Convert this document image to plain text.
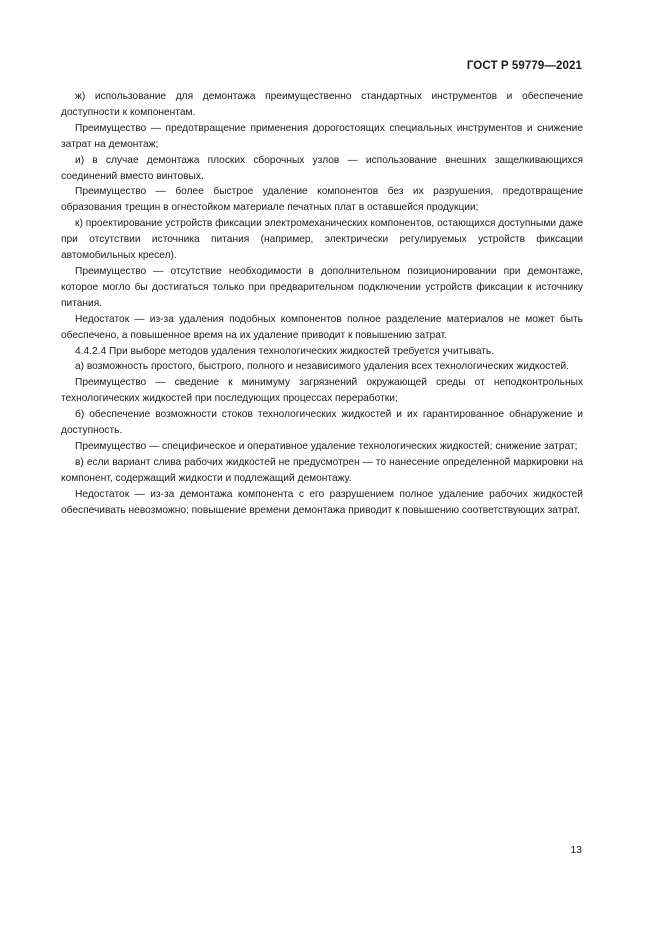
ГОСТ Р 59779—2021

ж) использование для демонтажа преимущественно стандартных инструментов и обеспечение доступности к компонентам.

Преимущество — предотвращение применения дорогостоящих специальных инструментов и снижение затрат на демонтаж;

и) в случае демонтажа плоских сборочных узлов — использование внешних защелкивающихся соединений вместо винтовых.

Преимущество — более быстрое удаление компонентов без их разрушения, предотвращение образования трещин в огнестойком материале печатных плат в оставшейся продукции;

к) проектирование устройств фиксации электромеханических компонентов, остающихся доступными даже при отсутствии источника питания (например, электрически регулируемых устройств фиксации автомобильных кресел).

Преимущество — отсутствие необходимости в дополнительном позиционировании при демонтаже, которое могло бы достигаться только при предварительном подключении устройств фиксации к источнику питания.

Недостаток — из-за удаления подобных компонентов полное разделение материалов не может быть обеспечено, а повышенное время на их удаление приводит к повышению затрат.

4.4.2.4 При выборе методов удаления технологических жидкостей требуется учитывать.

а) возможность простого, быстрого, полного и независимого удаления всех технологических жидкостей.

Преимущество — сведение к минимуму загрязнений окружающей среды от неподконтрольных технологических жидкостей при последующих процессах переработки;

б) обеспечение возможности стоков технологических жидкостей и их гарантированное обнаружение и доступность.

Преимущество — специфическое и оперативное удаление технологических жидкостей; снижение затрат;

в) если вариант слива рабочих жидкостей не предусмотрен — то нанесение определенной маркировки на компонент, содержащий жидкости и подлежащий демонтажу.

Недостаток — из-за демонтажа компонента с его разрушением полное удаление рабочих жидкостей обеспечивать невозможно; повышение времени демонтажа приводит к повышению соответствующих затрат.

13
